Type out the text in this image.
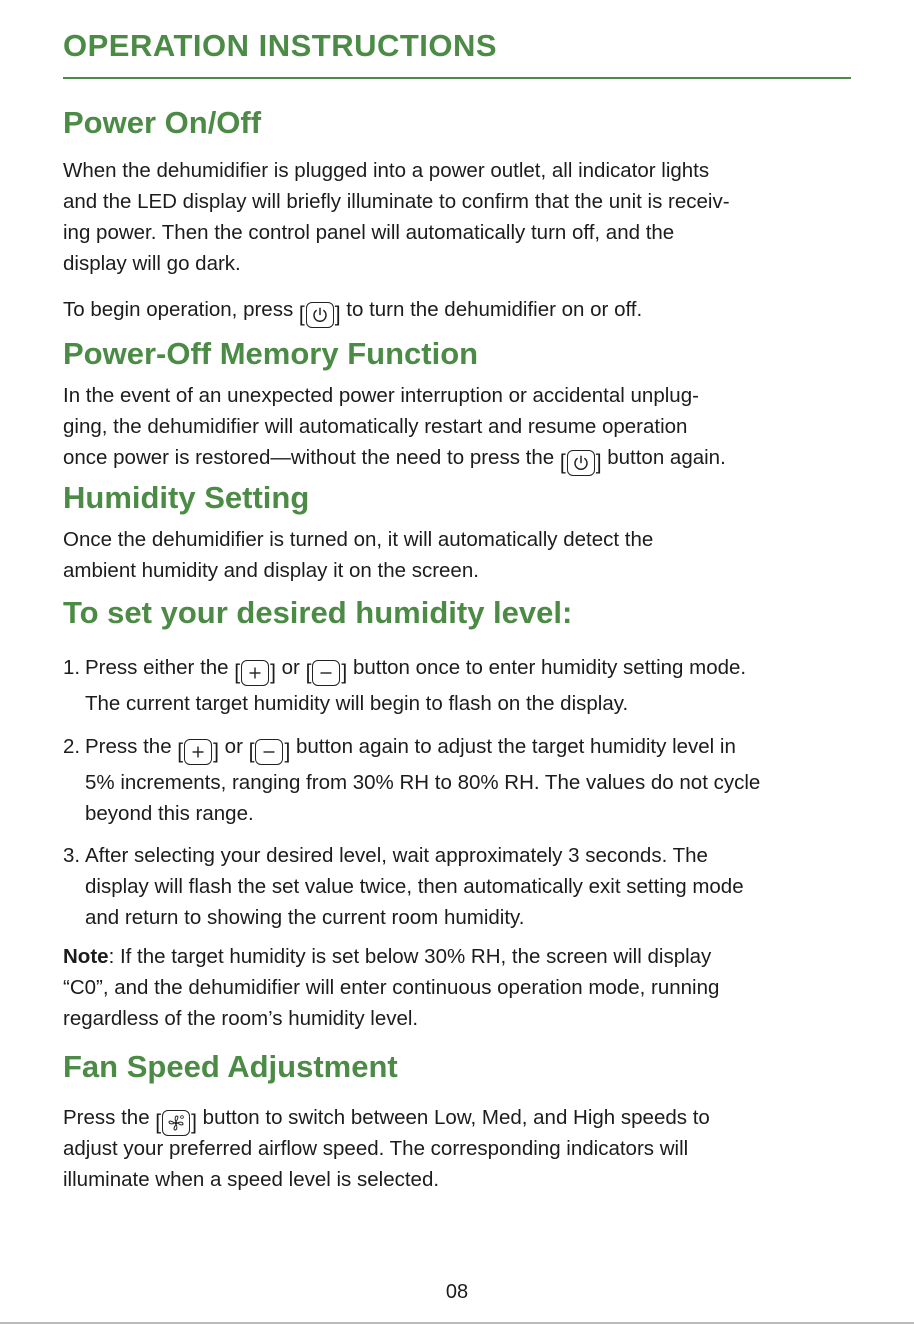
OPERATION INSTRUCTIONS
Power On/Off
When the dehumidifier is plugged into a power outlet, all indicator lights
and the LED display will briefly illuminate to confirm that the unit is receiv-
ing power. Then the control panel will automatically turn off, and the
display will go dark.
To begin operation, press [ ] to turn the dehumidifier on or off.
Power-Off Memory Function
In the event of an unexpected power interruption or accidental unplug-
ging, the dehumidifier will automatically restart and resume operation
once power is restored—without the need to press the [ ] button again.
Humidity Setting
Once the dehumidifier is turned on, it will automatically detect the
ambient humidity and display it on the screen.
To set your desired humidity level:
1. Press either the [ ] or [ ] button once to enter humidity setting mode.
The current target humidity will begin to flash on the display.
2. Press the [ ] or [ ] button again to adjust the target humidity level in
5% increments, ranging from 30% RH to 80% RH. The values do not cycle
beyond this range.
3. After selecting your desired level, wait approximately 3 seconds. The
display will flash the set value twice, then automatically exit setting mode
and return to showing the current room humidity.
Note: If the target humidity is set below 30% RH, the screen will display
“C0”, and the dehumidifier will enter continuous operation mode, running
regardless of the room’s humidity level.
Fan Speed Adjustment
Press the [ ] button to switch between Low, Med, and High speeds to
adjust your preferred airflow speed. The corresponding indicators will
illuminate when a speed level is selected.
08
